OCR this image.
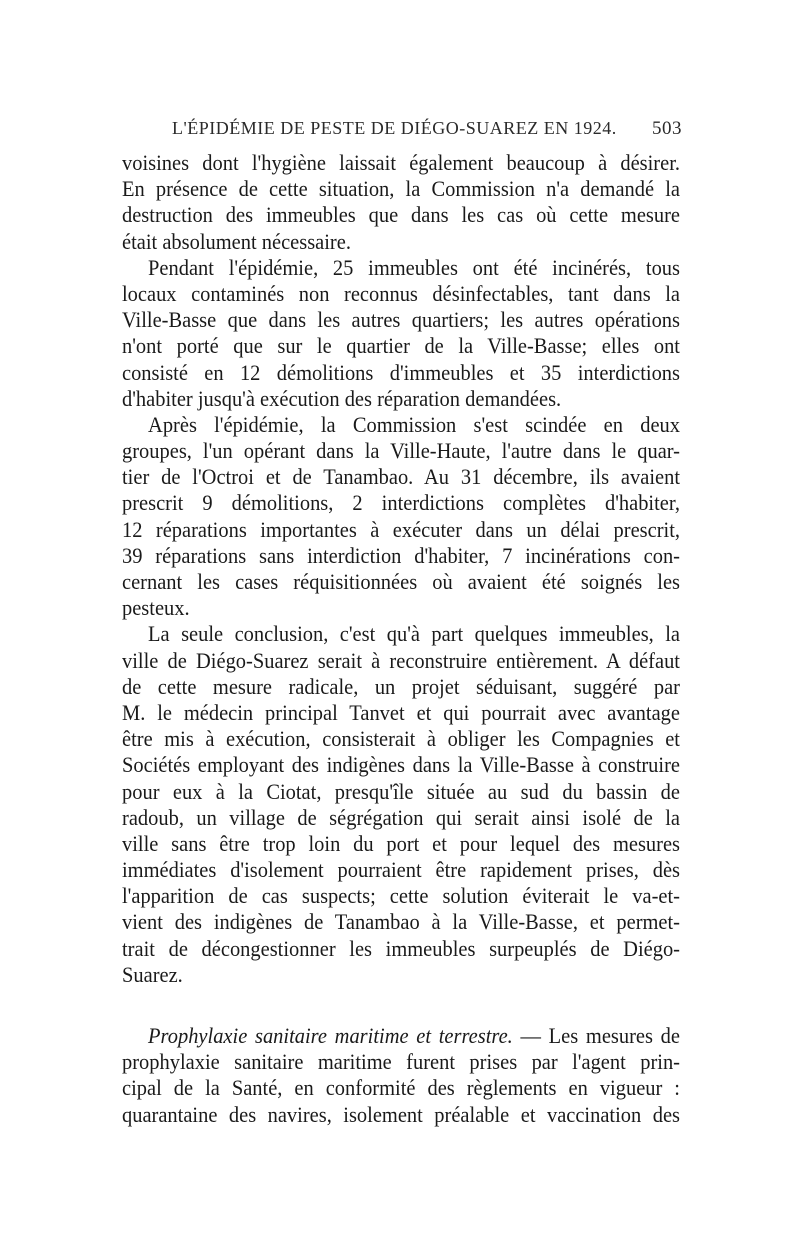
L'ÉPIDÉMIE DE PESTE DE DIÉGO-SUAREZ EN 1924. 503
voisines dont l'hygiène laissait également beaucoup à désirer.
En présence de cette situation, la Commission n'a demandé la
destruction des immeubles que dans les cas où cette mesure
était absolument nécessaire.
Pendant l'épidémie, 25 immeubles ont été incinérés, tous
locaux contaminés non reconnus désinfectables, tant dans la
Ville-Basse que dans les autres quartiers; les autres opérations
n'ont porté que sur le quartier de la Ville-Basse; elles ont
consisté en 12 démolitions d'immeubles et 35 interdictions
d'habiter jusqu'à exécution des réparation demandées.
Après l'épidémie, la Commission s'est scindée en deux
groupes, l'un opérant dans la Ville-Haute, l'autre dans le quar-
tier de l'Octroi et de Tanambao. Au 31 décembre, ils avaient
prescrit 9 démolitions, 2 interdictions complètes d'habiter,
12 réparations importantes à exécuter dans un délai prescrit,
39 réparations sans interdiction d'habiter, 7 incinérations con-
cernant les cases réquisitionnées où avaient été soignés les
pesteux.
La seule conclusion, c'est qu'à part quelques immeubles, la
ville de Diégo-Suarez serait à reconstruire entièrement. A défaut
de cette mesure radicale, un projet séduisant, suggéré par
M. le médecin principal Tanvet et qui pourrait avec avantage
être mis à exécution, consisterait à obliger les Compagnies et
Sociétés employant des indigènes dans la Ville-Basse à construire
pour eux à la Ciotat, presqu'île située au sud du bassin de
radoub, un village de ségrégation qui serait ainsi isolé de la
ville sans être trop loin du port et pour lequel des mesures
immédiates d'isolement pourraient être rapidement prises, dès
l'apparition de cas suspects; cette solution éviterait le va-et-
vient des indigènes de Tanambao à la Ville-Basse, et permet-
trait de décongestionner les immeubles surpeuplés de Diégo-
Suarez.
Prophylaxie sanitaire maritime et terrestre. — Les mesures de
prophylaxie sanitaire maritime furent prises par l'agent prin-
cipal de la Santé, en conformité des règlements en vigueur :
quarantaine des navires, isolement préalable et vaccination des
